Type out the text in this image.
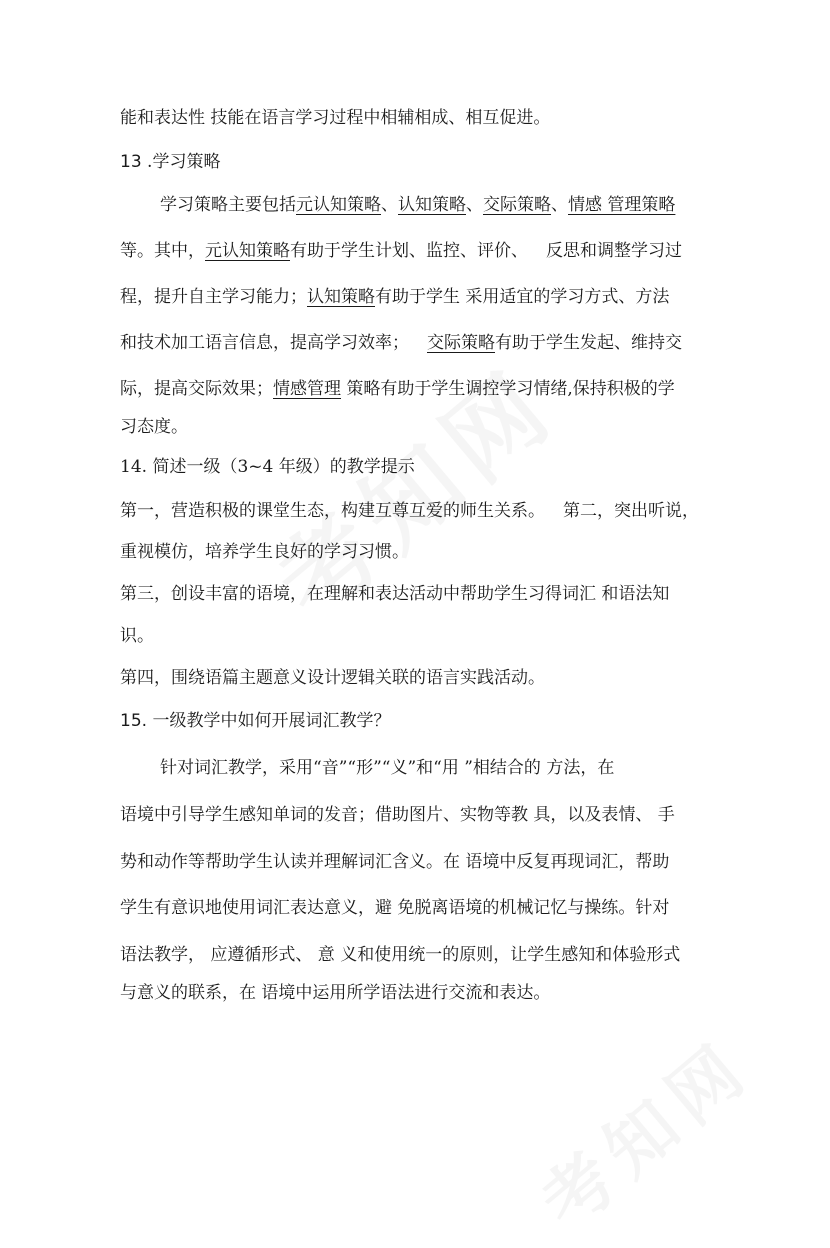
能和表达性 技能在语言学习过程中相辅相成、相互促进。
13 .学习策略
学习策略主要包括元认知策略、认知策略、交际策略、情感 管理策略
等。其中，元认知策略有助于学生计划、监控、评价、 反思和调整学习过
程，提升自主学习能力；认知策略有助于学生 采用适宜的学习方式、方法
和技术加工语言信息，提高学习效率； 交际策略有助于学生发起、维持交
际，提高交际效果；情感管理 策略有助于学生调控学习情绪,保持积极的学
习态度。
14. 简述一级（3~4 年级）的教学提示
第一，营造积极的课堂生态，构建互尊互爱的师生关系。 第二，突出听说，
重视模仿，培养学生良好的学习习惯。
第三，创设丰富的语境，在理解和表达活动中帮助学生习得词汇 和语法知
识。
第四，围绕语篇主题意义设计逻辑关联的语言实践活动。
15. 一级教学中如何开展词汇教学？
针对词汇教学，采用“音”“形”“义”和“用 ”相结合的 方法，在
语境中引导学生感知单词的发音；借助图片、实物等教 具，以及表情、 手
势和动作等帮助学生认读并理解词汇含义。在 语境中反复再现词汇，帮助
学生有意识地使用词汇表达意义，避 免脱离语境的机械记忆与操练。针对
语法教学， 应遵循形式、 意 义和使用统一的原则，让学生感知和体验形式
与意义的联系，在 语境中运用所学语法进行交流和表达。
